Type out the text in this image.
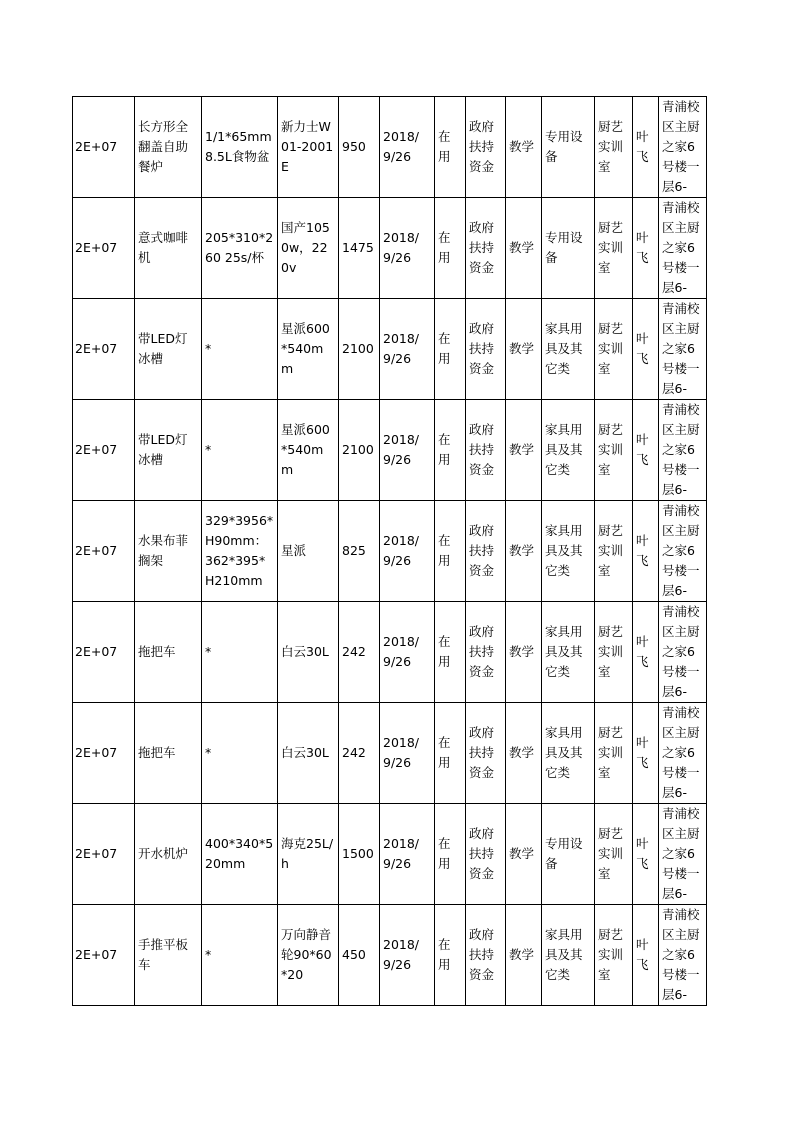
2E+07	长方形全翻盖自助餐炉	1/1*65mm8.5L食物盆	新力士W01-2001E	950	2018/9/26	在用	政府扶持资金	教学	专用设备	厨艺实训室	叶飞	青浦校区主厨之家6号楼一层6-

2E+07	意式咖啡机	205*310*260 25s/杯	国产1050w，220v	1475	2018/9/26	在用	政府扶持资金	教学	专用设备	厨艺实训室	叶飞	青浦校区主厨之家6号楼一层6-

2E+07	带LED灯冰槽	*	星派600*540mm	2100	2018/9/26	在用	政府扶持资金	教学	家具用具及其它类	厨艺实训室	叶飞	青浦校区主厨之家6号楼一层6-

2E+07	带LED灯冰槽	*	星派600*540mm	2100	2018/9/26	在用	政府扶持资金	教学	家具用具及其它类	厨艺实训室	叶飞	青浦校区主厨之家6号楼一层6-

2E+07	水果布菲搁架	329*3956*H90mm：362*395*H210mm	星派	825	2018/9/26	在用	政府扶持资金	教学	家具用具及其它类	厨艺实训室	叶飞	青浦校区主厨之家6号楼一层6-

2E+07	拖把车	*	白云30L	242	2018/9/26	在用	政府扶持资金	教学	家具用具及其它类	厨艺实训室	叶飞	青浦校区主厨之家6号楼一层6-

2E+07	拖把车	*	白云30L	242	2018/9/26	在用	政府扶持资金	教学	家具用具及其它类	厨艺实训室	叶飞	青浦校区主厨之家6号楼一层6-

2E+07	开水机炉	400*340*520mm	海克25L/h	1500	2018/9/26	在用	政府扶持资金	教学	专用设备	厨艺实训室	叶飞	青浦校区主厨之家6号楼一层6-

2E+07	手推平板车	*	万向静音轮90*60*20	450	2018/9/26	在用	政府扶持资金	教学	家具用具及其它类	厨艺实训室	叶飞	青浦校区主厨之家6号楼一层6-
